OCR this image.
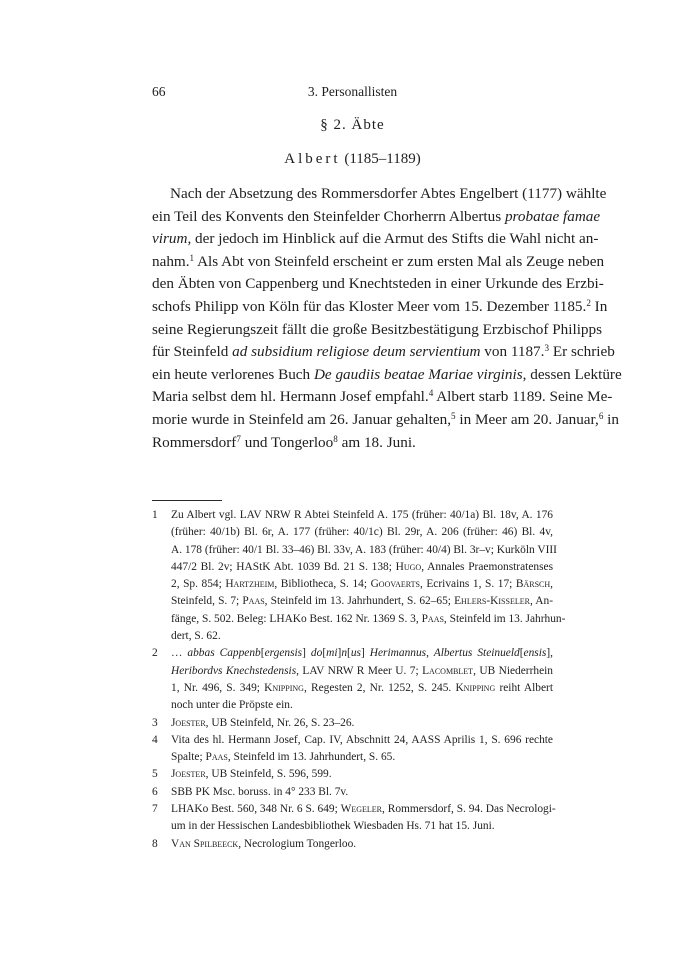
66	3. Personallisten
§ 2. Äbte
Albert (1185–1189)
Nach der Absetzung des Rommersdorfer Abtes Engelbert (1177) wählte
ein Teil des Konvents den Steinfelder Chorherrn Albertus probatae famae
virum, der jedoch im Hinblick auf die Armut des Stifts die Wahl nicht an-
nahm.$^1$ Als Abt von Steinfeld erscheint er zum ersten Mal als Zeuge neben
den Äbten von Cappenberg und Knechtsteden in einer Urkunde des Erzbi-
schofs Philipp von Köln für das Kloster Meer vom 15. Dezember 1185.$^2$ In
seine Regierungszeit fällt die große Besitzbestätigung Erzbischof Philipps
für Steinfeld ad subsidium religiose deum servientium von 1187.$^3$ Er schrieb
ein heute verlorenes Buch De gaudiis beatae Mariae virginis, dessen Lektüre
Maria selbst dem hl. Hermann Josef empfahl.$^4$ Albert starb 1189. Seine Me-
morie wurde in Steinfeld am 26. Januar gehalten,$^5$ in Meer am 20. Januar,$^6$ in
Rommersdorf$^7$ und Tongerloo$^8$ am 18. Juni.
1 Zu Albert vgl. LAV NRW R Abtei Steinfeld A. 175 (früher: 40/1a) Bl. 18v, A. 176
(früher: 40/1b) Bl. 6r, A. 177 (früher: 40/1c) Bl. 29r, A. 206 (früher: 46) Bl. 4v,
A. 178 (früher: 40/1 Bl. 33–46) Bl. 33v, A. 183 (früher: 40/4) Bl. 3r–v; Kurköln VIII
447/2 Bl. 2v; HAStK Abt. 1039 Bd. 21 S. 138; Hugo, Annales Praemonstratenses
2, Sp. 854; Hartzheim, Bibliotheca, S. 14; Goovaerts, Ecrivains 1, S. 17; Bärsch,
Steinfeld, S. 7; Paas, Steinfeld im 13. Jahrhundert, S. 62–65; Ehlers-Kisseler, An-
fänge, S. 502. Beleg: LHAKo Best. 162 Nr. 1369 S. 3, Paas, Steinfeld im 13. Jahrhun-
dert, S. 62.
2 … abbas Cappenb[ergensis] do[mi]n[us] Herimannus, Albertus Steinueld[ensis],
Heribordvs Knechstedensis, LAV NRW R Meer U. 7; Lacomblet, UB Niederrhein
1, Nr. 496, S. 349; Knipping, Regesten 2, Nr. 1252, S. 245. Knipping reiht Albert
noch unter die Pröpste ein.
3 Joester, UB Steinfeld, Nr. 26, S. 23–26.
4 Vita des hl. Hermann Josef, Cap. IV, Abschnitt 24, AASS Aprilis 1, S. 696 rechte
Spalte; Paas, Steinfeld im 13. Jahrhundert, S. 65.
5 Joester, UB Steinfeld, S. 596, 599.
6 SBB PK Msc. boruss. in 4° 233 Bl. 7v.
7 LHAKo Best. 560, 348 Nr. 6 S. 649; Wegeler, Rommersdorf, S. 94. Das Necrologi-
um in der Hessischen Landesbibliothek Wiesbaden Hs. 71 hat 15. Juni.
8 Van Spilbeeck, Necrologium Tongerloo.
